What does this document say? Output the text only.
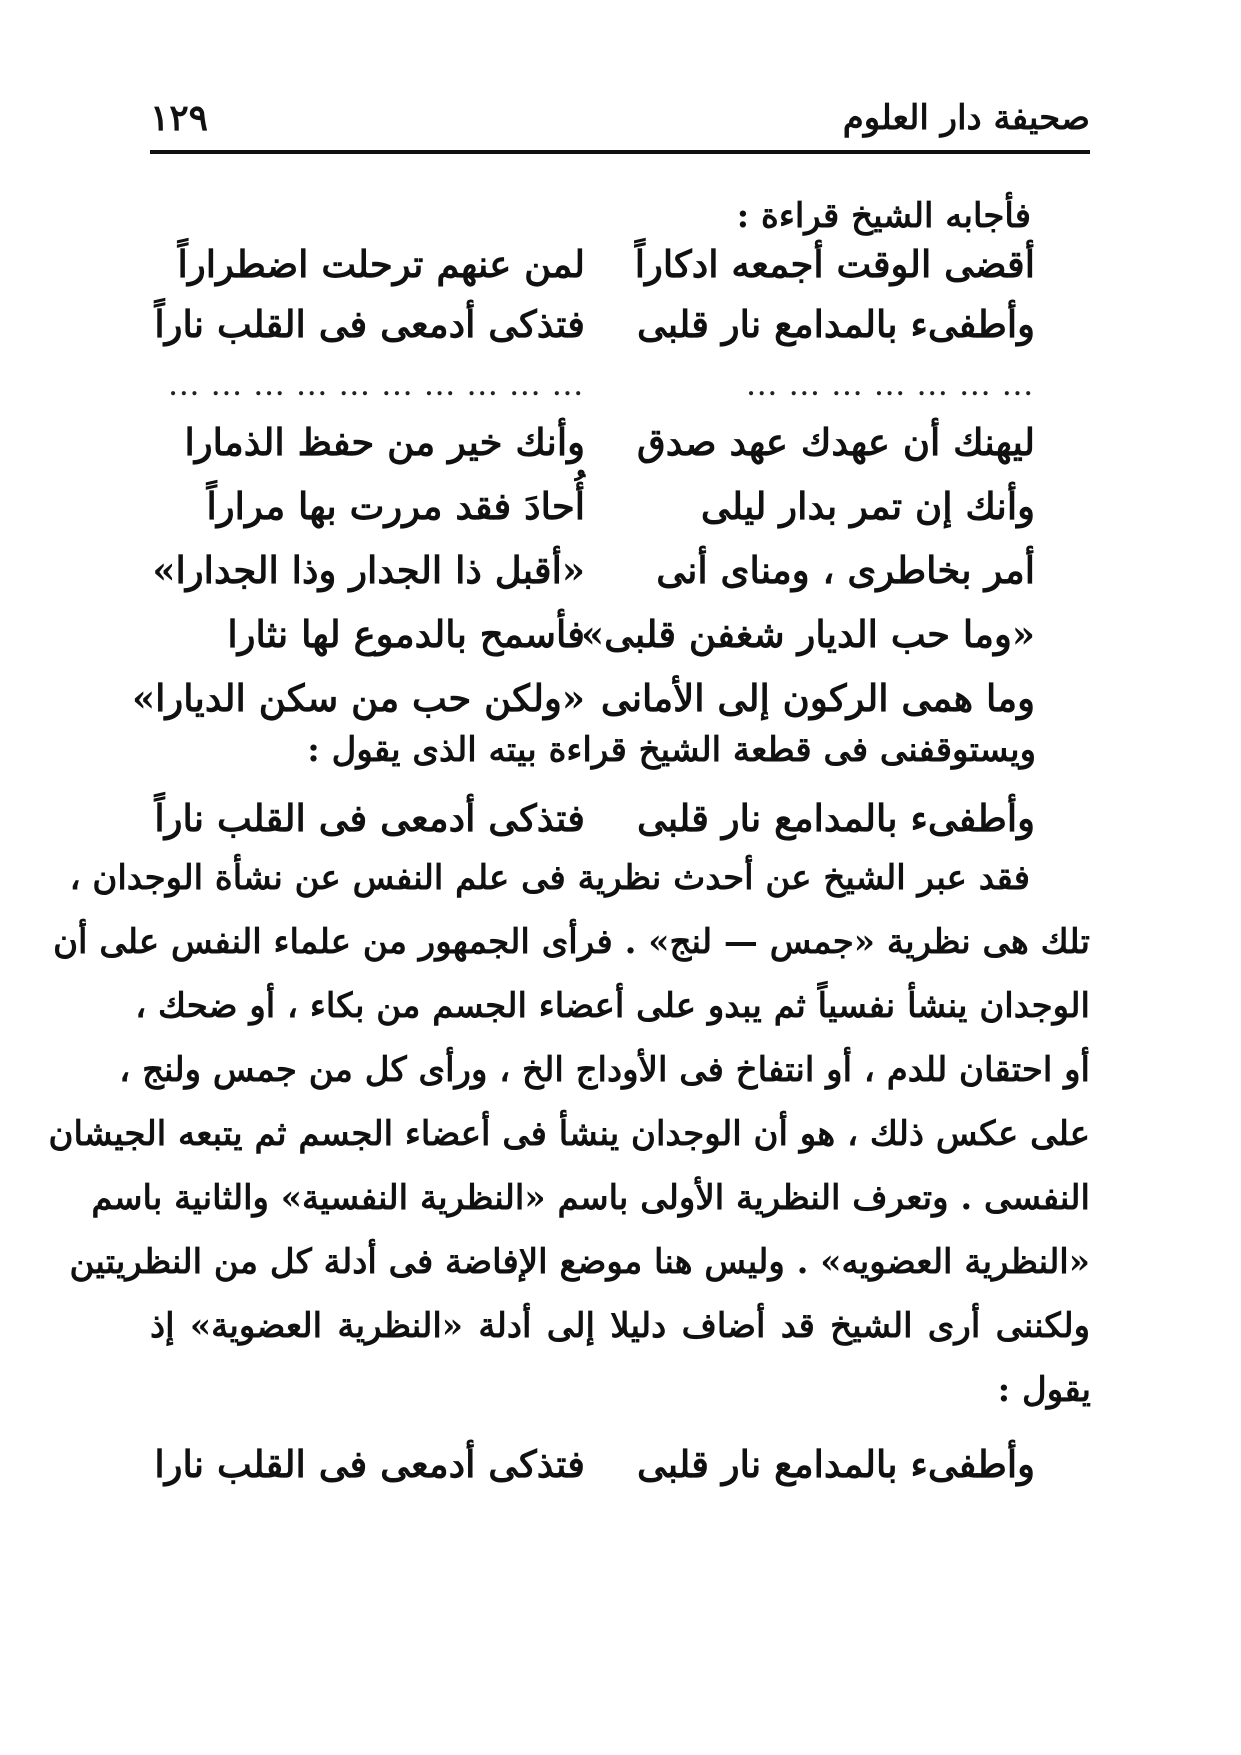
صحيفة دار العلوم
١٢٩
فأجابه الشيخ قراءة :
أقضى الوقت أجمعه ادكاراً
لمن عنهم ترحلت اضطراراً
وأطفىء بالمدامع نار قلبى
فتذكى أدمعى فى القلب ناراً
... ... ... ... ... ... ...
... ... ... ... ... ... ... ... ... ...
ليهنك أن عهدك عهد صدق
وأنك خير من حفظ الذمارا
وأنك إن تمر بدار ليلى
أُحادَ فقد مررت بها مراراً
أمر بخاطرى ، ومناى أنى
«أقبل ذا الجدار وذا الجدارا»
«وما حب الديار شغفن قلبى»
فأسمح بالدموع لها نثارا
وما همى الركون إلى الأمانى
«ولكن حب من سكن الديارا»
ويستوقفنى فى قطعة الشيخ قراءة بيته الذى يقول :
وأطفىء بالمدامع نار قلبى
فتذكى أدمعى فى القلب ناراً
فقد عبر الشيخ عن أحدث نظرية فى علم النفس عن نشأة الوجدان ،
تلك هى نظرية «جمس — لنج» . فرأى الجمهور من علماء النفس على أن
الوجدان ينشأ نفسياً ثم يبدو على أعضاء الجسم من بكاء ، أو ضحك ،
أو احتقان للدم ، أو انتفاخ فى الأوداج الخ ، ورأى كل من جمس ولنج ،
على عكس ذلك ، هو أن الوجدان ينشأ فى أعضاء الجسم ثم يتبعه الجيشان
النفسى . وتعرف النظرية الأولى باسم «النظرية النفسية» والثانية باسم
«النظرية العضويه» . وليس هنا موضع الإفاضة فى أدلة كل من النظريتين
ولكننى أرى الشيخ قد أضاف دليلا إلى أدلة «النظرية العضوية» إذ
يقول :
وأطفىء بالمدامع نار قلبى
فتذكى أدمعى فى القلب نارا
